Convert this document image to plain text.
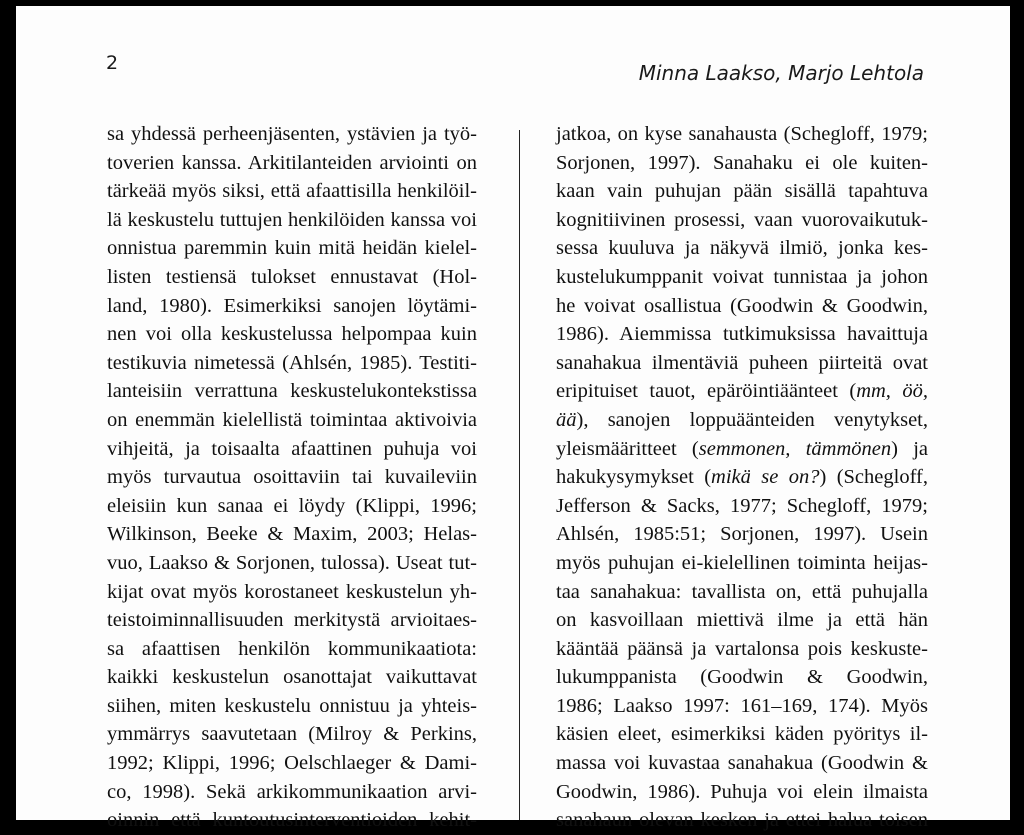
2	Minna Laakso, Marjo Lehtola
sa yhdessä perheenjäsenten, ystävien ja työ-
toverien kanssa. Arkitilanteiden arviointi on
tärkeää myös siksi, että afaattisilla henkilöil-
lä keskustelu tuttujen henkilöiden kanssa voi
onnistua paremmin kuin mitä heidän kielel-
listen testiensä tulokset ennustavat (Hol-
land, 1980). Esimerkiksi sanojen löytämi-
nen voi olla keskustelussa helpompaa kuin
testikuvia nimetessä (Ahlsén, 1985). Testiti-
lanteisiin verrattuna keskustelukontekstissa
on enemmän kielellistä toimintaa aktivoivia
vihjeitä, ja toisaalta afaattinen puhuja voi
myös turvautua osoittaviin tai kuvaileviin
eleisiin kun sanaa ei löydy (Klippi, 1996;
Wilkinson, Beeke & Maxim, 2003; Helas-
vuo, Laakso & Sorjonen, tulossa). Useat tut-
kijat ovat myös korostaneet keskustelun yh-
teistoiminnallisuuden merkitystä arvioitaes-
sa afaattisen henkilön kommunikaatiota:
kaikki keskustelun osanottajat vaikuttavat
siihen, miten keskustelu onnistuu ja yhteis-
ymmärrys saavutetaan (Milroy & Perkins,
1992; Klippi, 1996; Oelschlaeger & Dami-
co, 1998). Sekä arkikommunikaation arvi-
oinnin että kuntoutusinterventioiden kehit-
jatkoa, on kyse sanahausta (Schegloff, 1979;
Sorjonen, 1997). Sanahaku ei ole kuiten-
kaan vain puhujan pään sisällä tapahtuva
kognitiivinen prosessi, vaan vuorovaikutuk-
sessa kuuluva ja näkyvä ilmiö, jonka kes-
kustelukumppanit voivat tunnistaa ja johon
he voivat osallistua (Goodwin & Goodwin,
1986). Aiemmissa tutkimuksissa havaittuja
sanahakua ilmentäviä puheen piirteitä ovat
eripituiset tauot, epäröintiäänteet (mm, öö,
ää), sanojen loppuäänteiden venytykset,
yleismääritteet (semmonen, tämmönen) ja
hakukysymykset (mikä se on?) (Schegloff,
Jefferson & Sacks, 1977; Schegloff, 1979;
Ahlsén, 1985:51; Sorjonen, 1997). Usein
myös puhujan ei-kielellinen toiminta heijas-
taa sanahakua: tavallista on, että puhujalla
on kasvoillaan miettivä ilme ja että hän
kääntää päänsä ja vartalonsa pois keskuste-
lukumppanista (Goodwin & Goodwin,
1986; Laakso 1997: 161–169, 174). Myös
käsien eleet, esimerkiksi käden pyöritys il-
massa voi kuvastaa sanahakua (Goodwin &
Goodwin, 1986). Puhuja voi elein ilmaista
sanahaun olevan kesken ja ettei halua toisen
